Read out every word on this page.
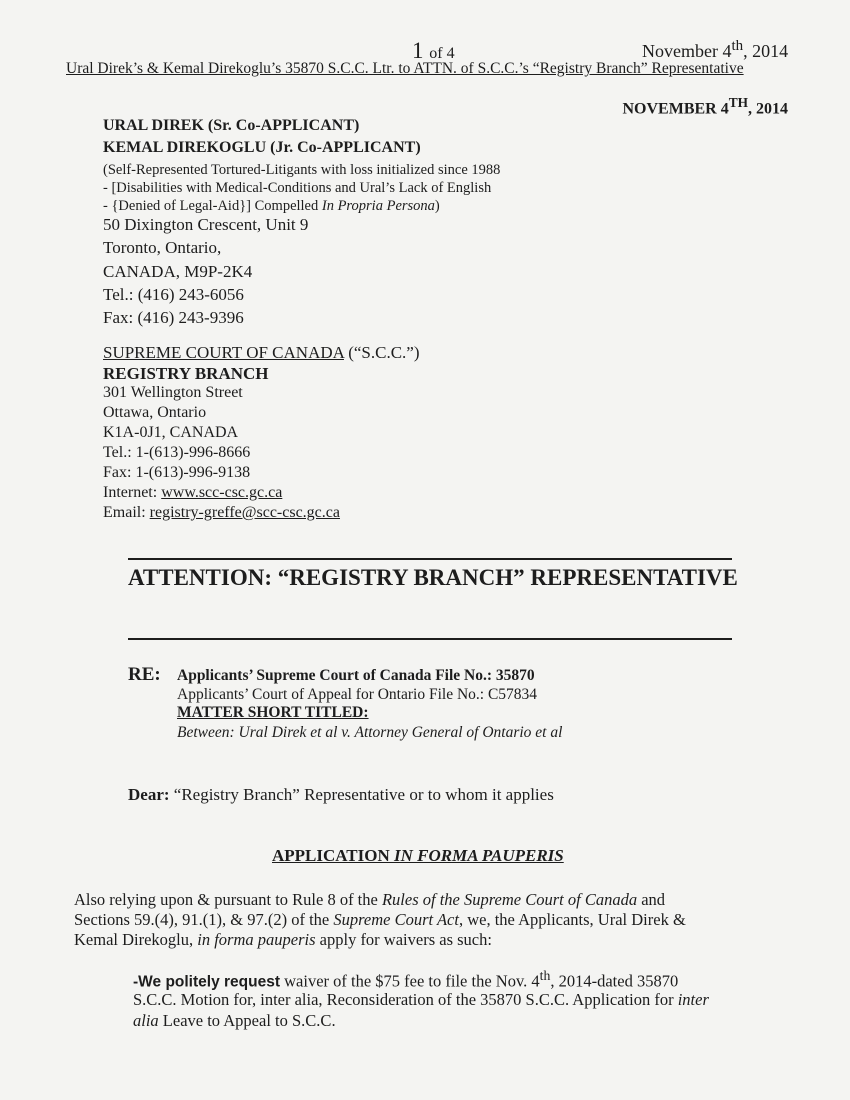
1 of 4	November 4th, 2014
Ural Direk’s & Kemal Direkoglu’s 35870 S.C.C. Ltr. to ATTN. of S.C.C.’s “Registry Branch” Representative
NOVEMBER 4TH, 2014
URAL DIREK (Sr. Co-APPLICANT)
KEMAL DIREKOGLU (Jr. Co-APPLICANT)
(Self-Represented Tortured-Litigants with loss initialized since 1988
- [Disabilities with Medical-Conditions and Ural’s Lack of English
- {Denied of Legal-Aid}] Compelled In Propria Persona)
50 Dixington Crescent, Unit 9
Toronto, Ontario,
CANADA, M9P-2K4
Tel.: (416) 243-6056
Fax: (416) 243-9396
SUPREME COURT OF CANADA (“S.C.C.”)
REGISTRY BRANCH
301 Wellington Street
Ottawa, Ontario
K1A-0J1, CANADA
Tel.: 1-(613)-996-8666
Fax: 1-(613)-996-9138
Internet: www.scc-csc.gc.ca
Email: registry-greffe@scc-csc.gc.ca
ATTENTION: “REGISTRY BRANCH” REPRESENTATIVE
RE: Applicants’ Supreme Court of Canada File No.: 35870
Applicants’ Court of Appeal for Ontario File No.: C57834
MATTER SHORT TITLED:
Between: Ural Direk et al v. Attorney General of Ontario et al
Dear: “Registry Branch” Representative or to whom it applies
APPLICATION IN FORMA PAUPERIS
Also relying upon & pursuant to Rule 8 of the Rules of the Supreme Court of Canada and
Sections 59.(4), 91.(1), & 97.(2) of the Supreme Court Act, we, the Applicants, Ural Direk &
Kemal Direkoglu, in forma pauperis apply for waivers as such:
-We politely request waiver of the $75 fee to file the Nov. 4th, 2014-dated 35870
S.C.C. Motion for, inter alia, Reconsideration of the 35870 S.C.C. Application for inter
alia Leave to Appeal to S.C.C.
